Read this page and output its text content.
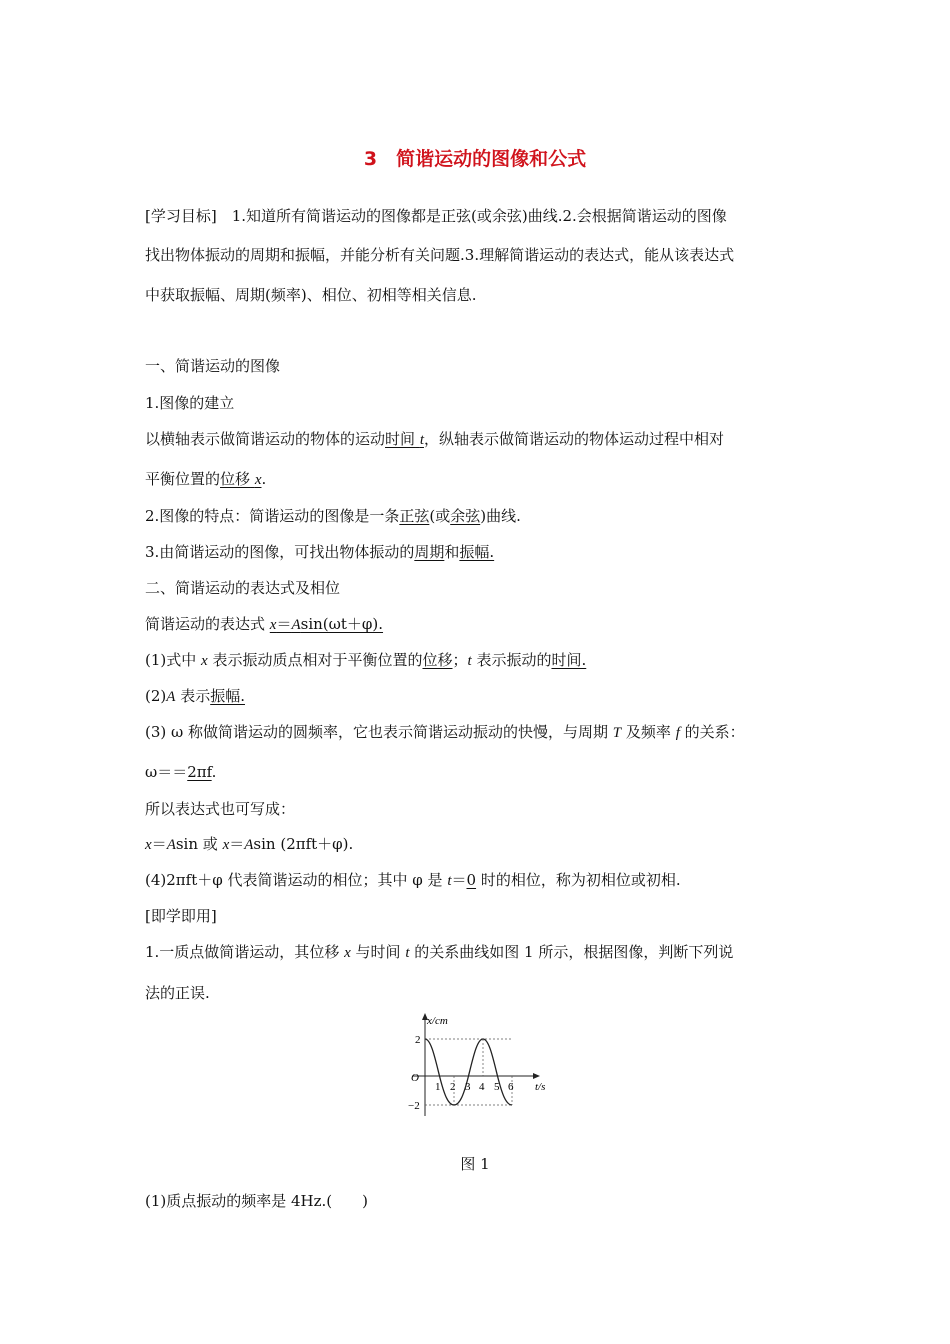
3　简谐运动的图像和公式
[学习目标]　1.知道所有简谐运动的图像都是正弦(或余弦)曲线.2.会根据简谐运动的图像
找出物体振动的周期和振幅，并能分析有关问题.3.理解简谐运动的表达式，能从该表达式
中获取振幅、周期(频率)、相位、初相等相关信息.
一、简谐运动的图像
1.图像的建立
以横轴表示做简谐运动的物体的运动时间 t，纵轴表示做简谐运动的物体运动过程中相对
平衡位置的位移 x.
2.图像的特点：简谐运动的图像是一条正弦(或余弦)曲线.
3.由简谐运动的图像，可找出物体振动的周期和振幅.
二、简谐运动的表达式及相位
简谐运动的表达式 x＝Asin(ωt＋φ).
(1)式中 x 表示振动质点相对于平衡位置的位移；t 表示振动的时间.
(2)A 表示振幅.
(3) ω 称做简谐运动的圆频率，它也表示简谐运动振动的快慢，与周期 T 及频率 f 的关系：
ω＝＝2πf.
所以表达式也可写成：
x＝Asin 或 x＝Asin (2πft＋φ).
(4)2πft＋φ 代表简谐运动的相位；其中 φ 是 t＝0 时的相位，称为初相位或初相.
[即学即用]
1.一质点做简谐运动，其位移 x 与时间 t 的关系曲线如图 1 所示，根据图像，判断下列说
法的正误.
x/cm
t/s
O
2
−2
1 2 3 4 5 6
图 1
(1)质点振动的频率是 4Hz.(　　)
